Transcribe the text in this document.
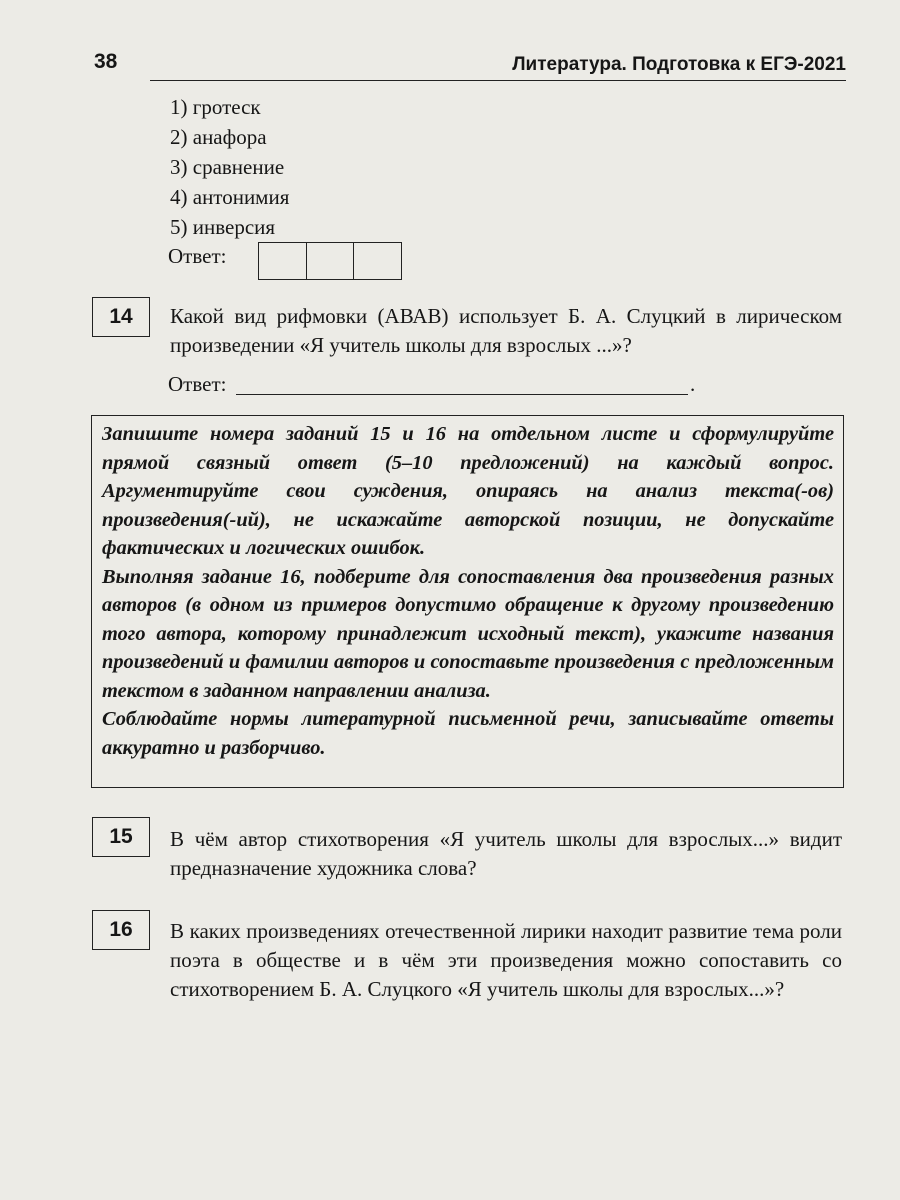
38	Литература. Подготовка к ЕГЭ-2021
1) гротеск
2) анафора
3) сравнение
4) антонимия
5) инверсия
Ответ:
14	Какой вид рифмовки (АВАВ) использует Б. А. Слуцкий в лирическом произведении «Я учитель школы для взрослых ...»?
Ответ:	.

Запишите номера заданий 15 и 16 на отдельном листе и сформулируйте прямой связный ответ (5–10 предложений) на каждый вопрос. Аргументируйте свои суждения, опираясь на анализ текста(-ов) произведения(-ий), не искажайте авторской позиции, не допускайте фактических и логических ошибок.

Выполняя задание 16, подберите для сопоставления два произведения разных авторов (в одном из примеров допустимо обращение к другому произведению того автора, которому принадлежит исходный текст), укажите названия произведений и фамилии авторов и сопоставьте произведения с предложенным текстом в заданном направлении анализа.

Соблюдайте нормы литературной письменной речи, записывайте ответы аккуратно и разборчиво.

15	В чём автор стихотворения «Я учитель школы для взрослых...» видит предназначение художника слова?
16	В каких произведениях отечественной лирики находит развитие тема роли поэта в обществе и в чём эти произведения можно сопоставить со стихотворением Б. А. Слуцкого «Я учитель школы для взрослых...»?
